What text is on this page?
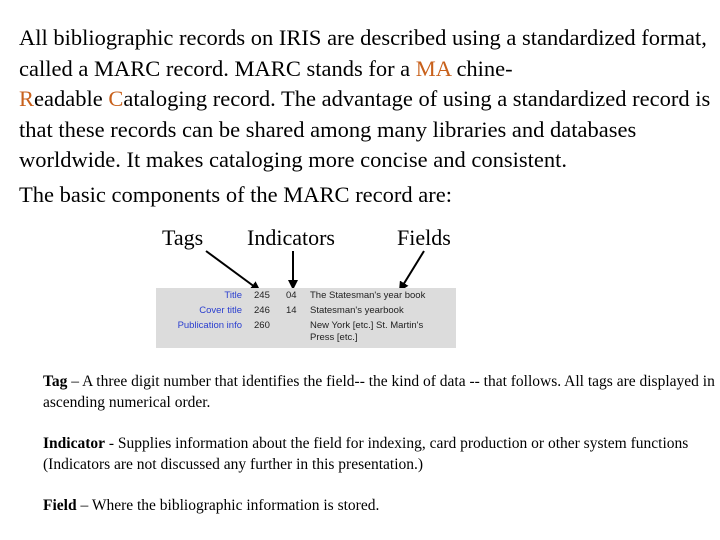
All bibliographic records on IRIS are described using a standardized format, called a MARC record. MARC stands for a MA chine-
Readable Cataloging record. The advantage of using a standardized record is that these records can be shared among many libraries and databases worldwide. It makes cataloging more concise and consistent.

The basic components of the MARC record are:

Tags Indicators	Fields
Title 245 04 The Statesman's year book
Cover title 246 14 Statesman's yearbook
Publication info 260	New York [etc.] St. Martin's Press [etc.]

Tag – A three digit number that identifies the field-- the kind of data -- that follows. All tags are displayed in ascending numerical order.

Indicator - Supplies information about the field for indexing, card production or other system functions (Indicators are not discussed any further in this presentation.)

Field – Where the bibliographic information is stored.
